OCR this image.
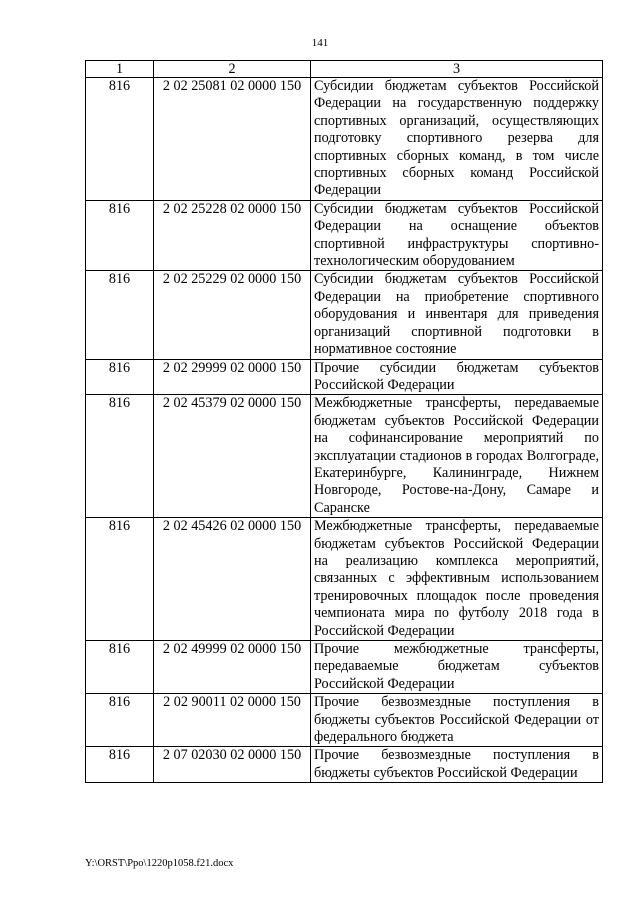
141
1	2	3
816	2 02 25081 02 0000 150	Субсидии бюджетам субъектов Российской Федерации на государственную поддержку спортивных организаций, осуществляющих подготовку спортивного резерва для спортивных сборных команд, в том числе спортивных сборных команд Российской Федерации
816	2 02 25228 02 0000 150	Субсидии бюджетам субъектов Российской Федерации на оснащение объектов спортивной инфраструктуры спортивно-технологическим оборудованием
816	2 02 25229 02 0000 150	Субсидии бюджетам субъектов Российской Федерации на приобретение спортивного оборудования и инвентаря для приведения организаций спортивной подготовки в нормативное состояние
816	2 02 29999 02 0000 150	Прочие субсидии бюджетам субъектов Российской Федерации
816	2 02 45379 02 0000 150	Межбюджетные трансферты, передаваемые бюджетам субъектов Российской Федерации на софинансирование мероприятий по эксплуатации стадионов в городах Волгограде, Екатеринбурге, Калининграде, Нижнем Новгороде, Ростове-на-Дону, Самаре и Саранске
816	2 02 45426 02 0000 150	Межбюджетные трансферты, передаваемые бюджетам субъектов Российской Федерации на реализацию комплекса мероприятий, связанных с эффективным использованием тренировочных площадок после проведения чемпионата мира по футболу 2018 года в Российской Федерации
816	2 02 49999 02 0000 150	Прочие межбюджетные трансферты, передаваемые бюджетам субъектов Российской Федерации
816	2 02 90011 02 0000 150	Прочие безвозмездные поступления в бюджеты субъектов Российской Федерации от федерального бюджета
816	2 07 02030 02 0000 150	Прочие безвозмездные поступления в бюджеты субъектов Российской Федерации
Y:\ORST\Ppo\1220p1058.f21.docx
